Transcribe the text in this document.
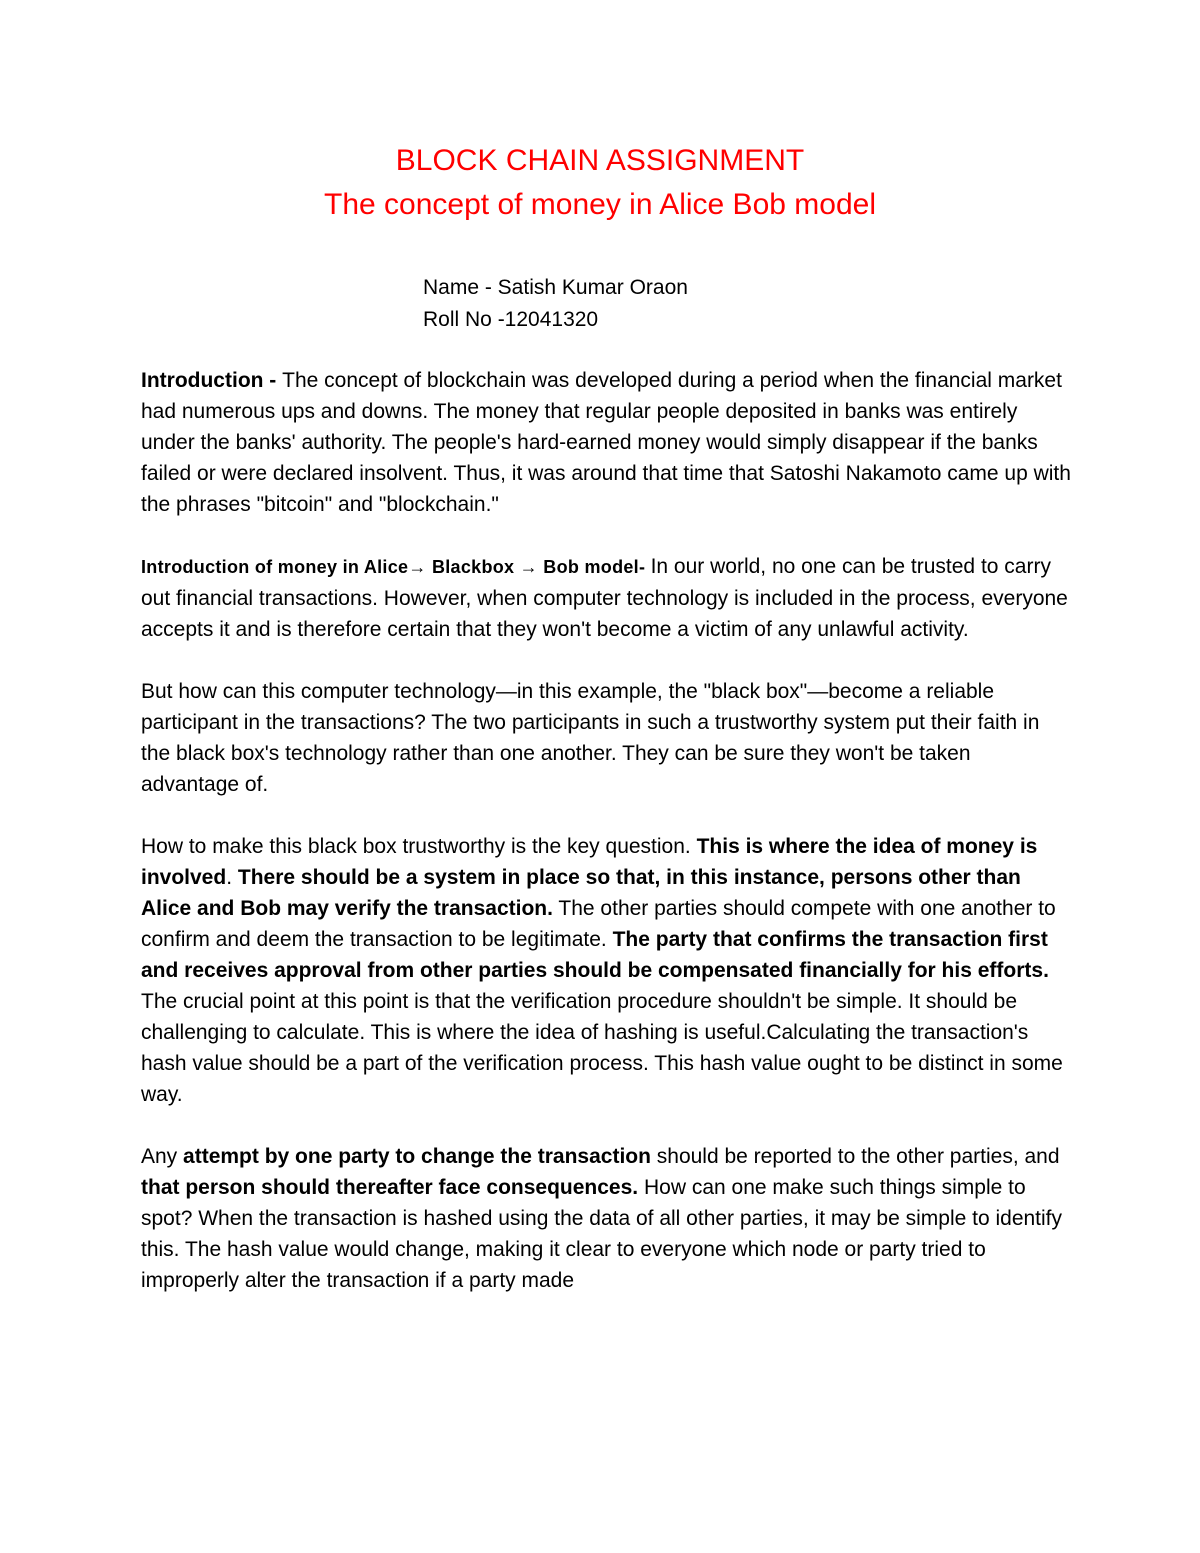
BLOCK CHAIN ASSIGNMENT
The concept of money in Alice Bob model

Name - Satish Kumar Oraon

Roll No -12041320

Introduction - The concept of blockchain was developed during a period when the financial market had numerous ups and downs. The money that regular people deposited in banks was entirely under the banks' authority. The people's hard-earned money would simply disappear if the banks failed or were declared insolvent. Thus, it was around that time that Satoshi Nakamoto came up with the phrases "bitcoin" and "blockchain."

Introduction of money in Alice→ Blackbox → Bob model- In our world, no one can be trusted to carry out financial transactions. However, when computer technology is included in the process, everyone accepts it and is therefore certain that they won't become a victim of any unlawful activity.

But how can this computer technology—in this example, the "black box"—become a reliable participant in the transactions? The two participants in such a trustworthy system put their faith in the black box's technology rather than one another. They can be sure they won't be taken advantage of.

How to make this black box trustworthy is the key question. This is where the idea of money is involved. There should be a system in place so that, in this instance, persons other than Alice and Bob may verify the transaction. The other parties should compete with one another to confirm and deem the transaction to be legitimate. The party that confirms the transaction first and receives approval from other parties should be compensated financially for his efforts. The crucial point at this point is that the verification procedure shouldn't be simple. It should be challenging to calculate. This is where the idea of hashing is useful.Calculating the transaction's hash value should be a part of the verification process. This hash value ought to be distinct in some way.

Any attempt by one party to change the transaction should be reported to the other parties, and that person should thereafter face consequences. How can one make such things simple to spot? When the transaction is hashed using the data of all other parties, it may be simple to identify this. The hash value would change, making it clear to everyone which node or party tried to improperly alter the transaction if a party made
